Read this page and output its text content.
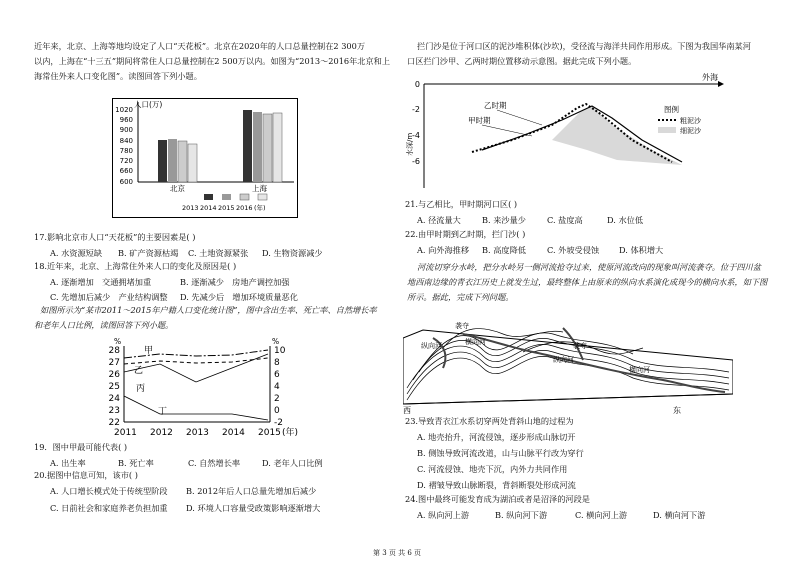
近年来，北京、上海等地均设定了人口“天花板”。北京在2020年的人口总量控制在2 300万

以内，上海在“十三五”期间将常住人口总量控制在2 500万以内。如图为“2013～2016年北京和上

海常住外来人口变化图”。读图回答下列小题。

人口(万)
1020
960
900
840
780
720
660
600
北京	上海
2013 2014 2015 2016 (年)

17.影响北京市人口“天花板”的主要因素是( )

A. 水资源短缺 B. 矿产资源枯竭 C. 土地资源紧张 D. 生物资源减少

18.近年来，北京、上海常住外来人口的变化及原因是( )

A. 逐渐增加　交通拥堵加重	B. 逐渐减少　房地产调控加强
C. 先增加后减少　产业结构调整 D. 先减少后　增加环境质量恶化

如图所示为“某市2011～2015年户籍人口变化统计图”，图中含出生率、死亡率、自然增长率

和老年人口比例，读图回答下列小题。

%	%
28
27
26
25
24
23
22
10
8
6
4
2
0
-2
2011 2012 2013 2014 2015 (年)
甲
乙
丙
丁

19．图中甲最可能代表( )

A. 出生率	B. 死亡率	C. 自然增长率	D. 老年人口比例

20.据图中信息可知，该市( )

A. 人口增长模式处于传统型阶段 B. 2012年后人口总量先增加后减少
C. 日前社会和家庭养老负担加重 D. 环境人口容量受政策影响逐渐增大

拦门沙是位于河口区的泥沙堆积体(沙坎)，受径流与海洋共同作用形成。下图为我国华南某河

口区拦门沙甲、乙两时期位置移动示意图。据此完成下列小题。

外海
0
-2
-4
-6
水深/m
乙时期
甲时期
图例
粗泥沙
细泥沙

21.与乙相比，甲时期河口区( )

A. 径流量大	B. 来沙量少	C. 盐度高	D. 水位低

22.由甲时期到乙时期，拦门沙( )

A. 向外海推移 B. 高度降低	C. 外坡受侵蚀 D. 体积增大

河流切穿分水岭，把分水岭另一侧河流抢夺过来，使原河流改向的现象叫河流袭夺。位于四川盆

地西南边缘的青衣江历史上就发生过，最终整体上由原来的纵向水系演化成现今的横向水系，如下图

所示。据此，完成下列问题。

袭夺
纵向河	横向河	袭夺
纵向河
横向河
西	东

23.导致青衣江水系切穿两处背斜山地的过程为

A. 地壳抬升，河流侵蚀，逐步形成山脉切开
B. 侧蚀导致河流改道，山与山脉平行改为穿行
C. 河流侵蚀、地壳下沉，内外力共同作用
D. 褶皱导致山脉断裂，背斜断裂处形成河流

24.图中最终可能发育成为湖泊或者是沼泽的河段是

A. 纵向河上游	B. 纵向河下游	C. 横向河上游	D. 横向河下游
第 3 页 共 6 页
